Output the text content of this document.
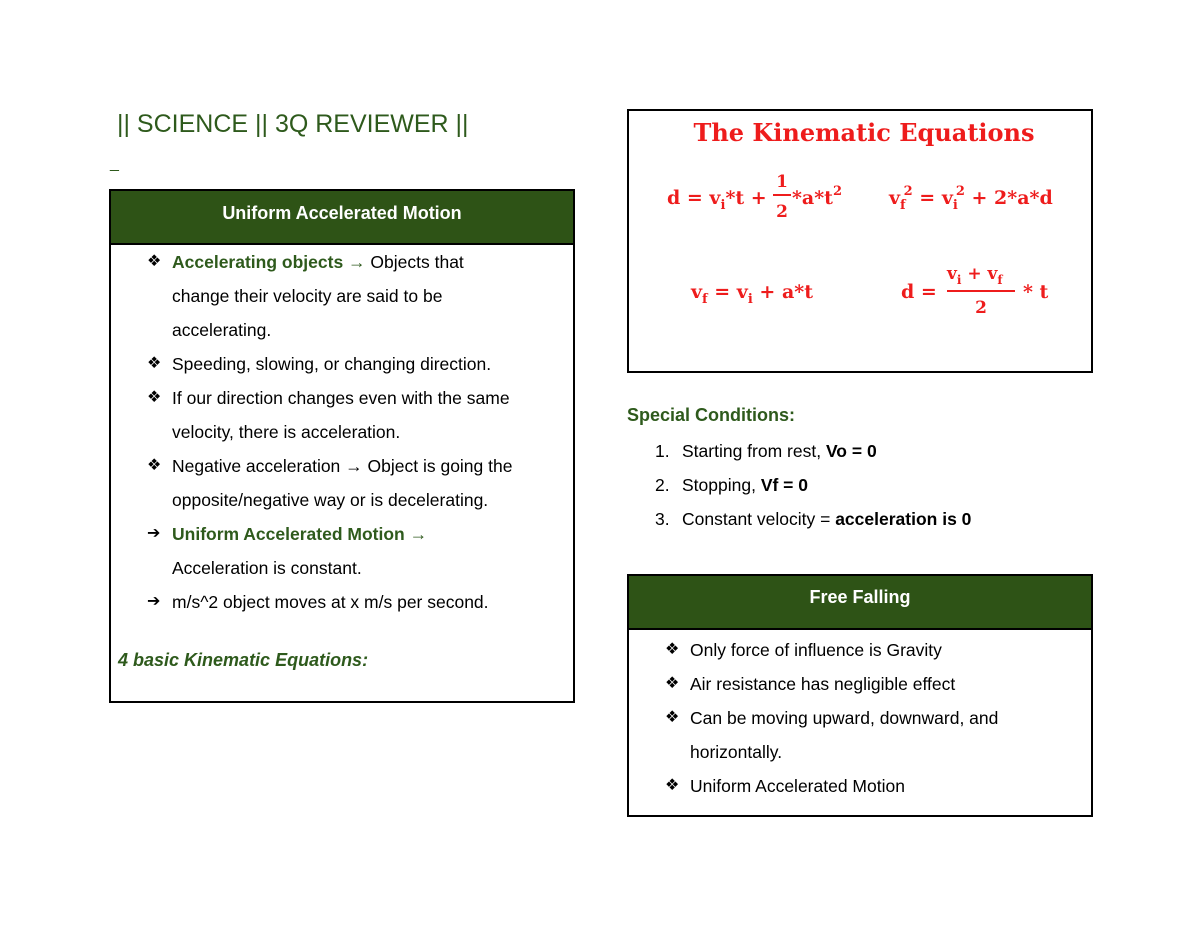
|| SCIENCE || 3Q REVIEWER ||
_
Uniform Accelerated Motion
❖ Accelerating objects → Objects that
change their velocity are said to be
accelerating.
❖ Speeding, slowing, or changing direction.
❖ If our direction changes even with the same
velocity, there is acceleration.
❖ Negative acceleration → Object is going the
opposite/negative way or is decelerating.
➔ Uniform Accelerated Motion →
Acceleration is constant.
➔ m/s^2 object moves at x m/s per second.
4 basic Kinematic Equations:
The Kinematic Equations
$d = v_i*t$ +
1
2
$*a*t^2$ $v_f2 = v_i2 + 2*a*d$
$v_f = v_i + a*t$	d =
$v_i + v_f$
2
* t
Special Conditions:
1. Starting from rest, Vo = 0
2. Stopping, Vf = 0
3. Constant velocity = acceleration is 0
Free Falling
❖ Only force of influence is Gravity
❖ Air resistance has negligible effect
❖ Can be moving upward, downward, and
horizontally.
❖ Uniform Accelerated Motion
